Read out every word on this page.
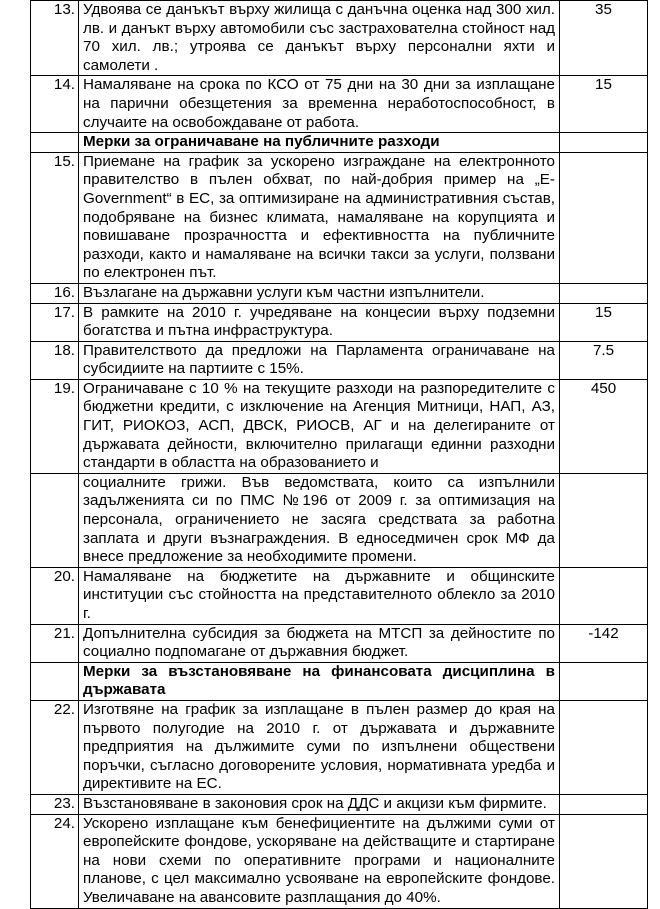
13.	Удвоява се данъкът върху жилища с данъчна оценка над 300 хил. лв. и данъкт върху автомобили със застрахователна стойност над 70 хил. лв.; утроява се данъкът върху персонални яхти и самолети .	35
14.	Намаляване на срока по КСО от 75 дни на 30 дни за изплащане на парични обезщетения за временна неработоспособност, в случаите на освобождаване от работа.	15
	Мерки за ограничаване на публичните разходи	
15.	Приемане на график за ускорено изграждане на електронното правителство в пълен обхват, по най-добрия пример на „E-Government“ в ЕС, за оптимизиране на административния състав, подобряване на бизнес климата, намаляване на корупцията и повишаване прозрачността и ефективността на публичните разходи, както и намаляване на всички такси за услуги, ползвани по електронен път.	
16.	Възлагане на държавни услуги към частни изпълнители.	
17.	В рамките на 2010 г. учредяване на концесии върху подземни богатства и пътна инфраструктура.	15
18.	Правителството да предложи на Парламента ограничаване на субсидиите на партиите с 15%.	7.5
19.	Ограничаване с 10 % на текущите разходи на разпоредителите с бюджетни кредити, с изключение на Агенция Митници, НАП, АЗ, ГИТ, РИОКОЗ, АСП, ДВСК, РИОСВ, АГ и на делегираните от държавата дейности, включително прилагащи единни разходни стандарти в областта на образованието и	450
	социалните грижи. Във ведомствата, които са изпълнили задълженията си по ПМС №196 от 2009 г. за оптимизация на персонала, ограничението не засяга средствата за работна заплата и други възнаграждения. В едноседмичен срок МФ да внесе предложение за необходимите промени.	
20.	Намаляване на бюджетите на държавните и общинските институции със стойността на представителното облекло за 2010 г.	
21.	Допълнителна субсидия за бюджета на МТСП за дейностите по социално подпомагане от държавния бюджет.	-142
	Мерки за възстановяване на финансовата дисциплина в държавата	
22.	Изготвяне на график за изплащане в пълен размер до края на първото полугодие на 2010 г. от държавата и държавните предприятия на дължимите суми по изпълнени обществени поръчки, съгласно договорените условия, нормативната уредба и директивите на ЕС.	
23.	Възстановяване в законовия срок на ДДС и акцизи към фирмите.	
24.	Ускорено изплащане към бенефициентите на дължими суми от европейските фондове, ускоряване на действащите и стартиране на нови схеми по оперативните програми и националните планове, с цел максимално усвояване на европейските фондове. Увеличаване на авансовите разплащания до 40%.	
